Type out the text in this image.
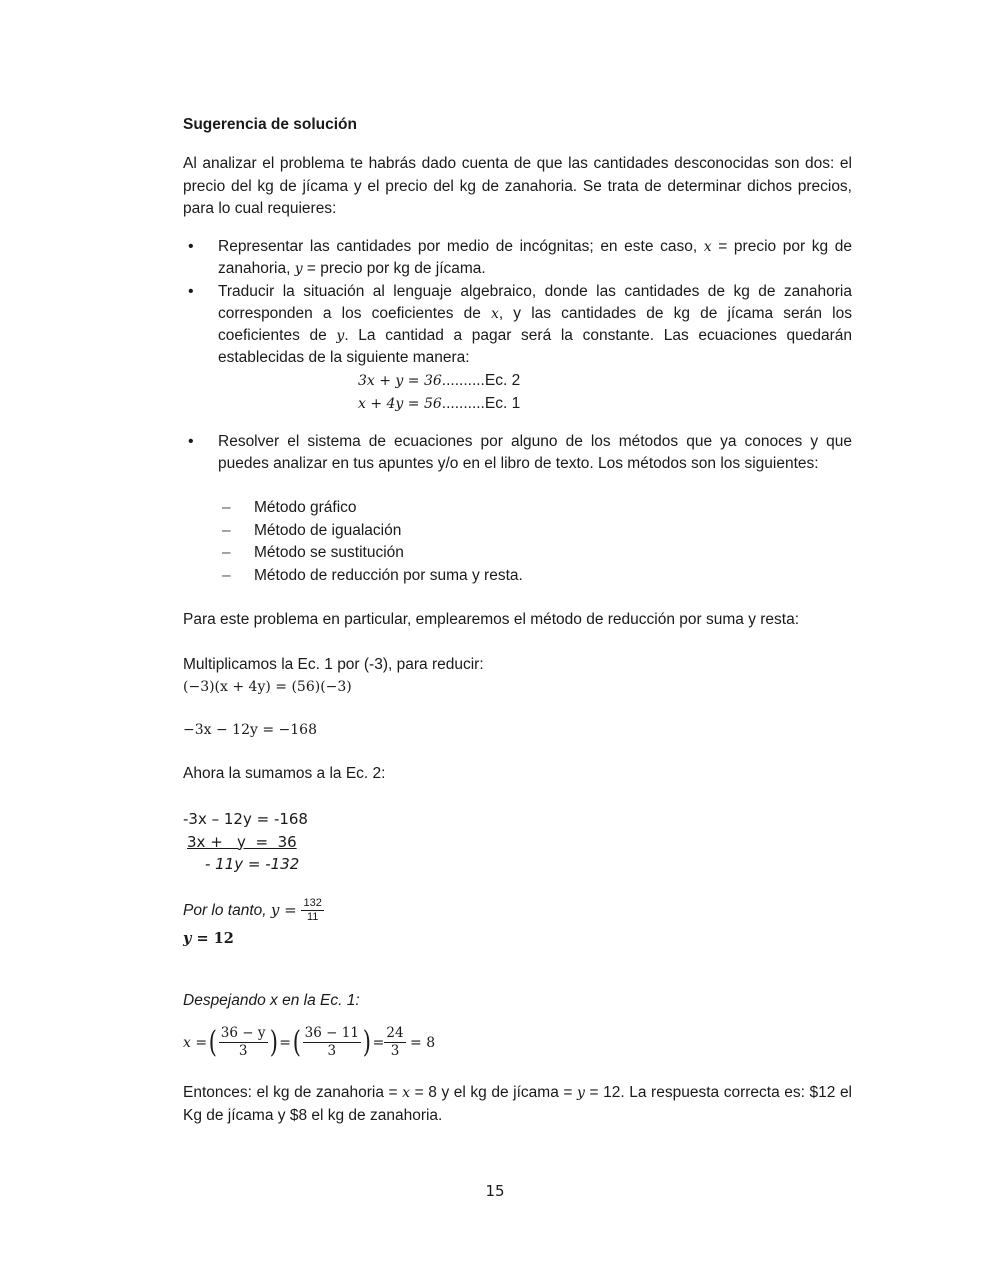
Sugerencia de solución
Al analizar el problema te habrás dado cuenta de que las cantidades desconocidas son dos: el precio del kg de jícama y el precio del kg de zanahoria. Se trata de determinar dichos precios, para lo cual requieres:
• Representar las cantidades por medio de incógnitas; en este caso, x = precio por kg de zanahoria, y = precio por kg de jícama.
• Traducir la situación al lenguaje algebraico, donde las cantidades de kg de zanahoria corresponden a los coeficientes de x, y las cantidades de kg de jícama serán los coeficientes de y. La cantidad a pagar será la constante. Las ecuaciones quedarán establecidas de la siguiente manera:
3x + y = 36..........Ec. 2
x + 4y = 56..........Ec. 1
• Resolver el sistema de ecuaciones por alguno de los métodos que ya conoces y que puedes analizar en tus apuntes y/o en el libro de texto. Los métodos son los siguientes:
– Método gráfico
– Método de igualación
– Método se sustitución
– Método de reducción por suma y resta.
Para este problema en particular, emplearemos el método de reducción por suma y resta:
Multiplicamos la Ec. 1 por (-3), para reducir:
(−3)(x + 4y) = (56)(−3)
−3x − 12y = −168
Ahora la sumamos a la Ec. 2:
-3x – 12y = -168
3x +   y  =  36
- 11y = -132
Por lo tanto, $y = \frac{132}{11}$
y = 12
Despejando x en la Ec. 1:
x = ( $\frac{36 - y}{3}$ ) = ( $\frac{36 - 11}{3}$ ) = $\frac{24}{3} = 8$
Entonces: el kg de zanahoria = x = 8 y el kg de jícama = y = 12. La respuesta correcta es: $12 el Kg de jícama y $8 el kg de zanahoria.
15
